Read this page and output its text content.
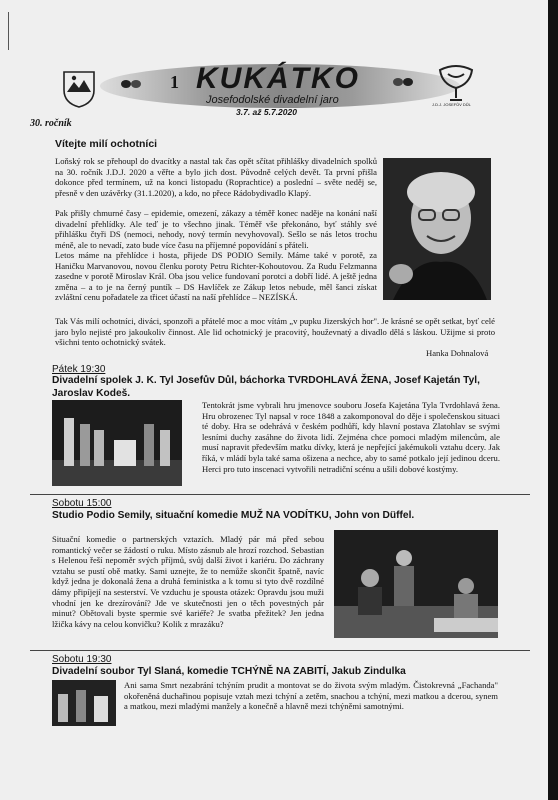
J.D.J. JOSEFŮV DŮL
1 KUKÁTKO
Josefodolské divadelní jaro
3.7. až 5.7.2020
30. ročník
Vítejte milí ochotníci
Loňský rok se přehoupl do dvacítky a nastal tak čas opět sčítat přihlášky divadelních spolků na 30. ročník J.D.J. 2020 a věřte a bylo jich dost. Původně celých devět. Ta první přišla dokonce před termínem, už na konci listopadu (Roprachtice) a poslední – světe neděj se, přesně v den uzávěrky (31.1.2020), a kdo, no přece Rádobydivadlo Klapý.
Pak přišly chmurné časy – epidemie, omezení, zákazy a téměř konec naděje na konání naší divadelní přehlídky. Ale teď je to všechno jinak. Téměř vše překonáno, byť stáhly své přihlášku čtyři DS (nemoci, nehody, nový termín nevyhovoval). Sešlo se nás letos trochu méně, ale to nevadí, zato bude více času na příjemné popovídání s přáteli.
Letos máme na přehlídce i hosta, přijede DS PODIO Semily. Máme také v porotě, za Haničku Marvanovou, novou členku poroty Petru Richter-Kohoutovou. Za Rudu Felzmanna zasedne v porotě Miroslav Král. Oba jsou velice fundovaní porotci a dobří lidé. A ještě jedna změna – a to je na černý puntík – DS Havlíček ze Zákup letos nebude, měl šanci získat zvláštní cenu pořadatele za třicet účastí na naší přehlídce – NEZÍSKÁ.
Tak Vás milí ochotníci, diváci, sponzoři a přátelé moc a moc vítám „v pupku Jizerských hor". Je krásné se opět setkat, byť celé jaro bylo nejisté pro jakoukoliv činnost. Ale lid ochotnický je pracovitý, houževnatý a divadlo dělá s láskou. Užijme si proto všichni tento ochotnický svátek.
Hanka Dohnalová
Pátek 19:30
Divadelní spolek J. K. Tyl Josefův Důl, báchorka TVRDOHLAVÁ ŽENA, Josef Kajetán Tyl, Jaroslav Kodeš.
Tentokrát jsme vybrali hru jmenovce souboru Josefa Kajetána Tyla Tvrdohlavá žena. Hru obrozenec Tyl napsal v roce 1848 a zakomponoval do děje i společenskou situaci té doby. Hra se odehrává v českém podhůří, kdy hlavní postava Zlatohlav se svými lesními duchy zasáhne do života lidí. Zejména chce pomoci mladým milencům, ale musí napravit především matku dívky, která je nepřející jakémukoli vztahu dcery. Jak říká, v mládí byla také sama ošizena a nechce, aby to samé potkalo její jedinou dceru. Herci pro tuto inscenaci vytvořili netradiční scénu a ušili dobové kostýmy.
Sobotu 15:00
Studio Podio Semily, situační komedie MUŽ NA VODÍTKU, John von Düffel.
Situační komedie o partnerských vztazích. Mladý pár má před sebou romantický večer se žádostí o ruku. Místo zásnub ale hrozí rozchod. Sebastian s Helenou řeší nepoměr svých příjmů, svůj další život i kariéru. Do záchrany vztahu se pustí obě matky. Sami uznejte, že to nemůže skončit špatně, navíc když jedna je dokonalá žena a druhá feministka a k tomu si tyto dvě rozdílné dámy připíjejí na sesterství. Ve vzduchu je spousta otázek: Opravdu jsou muži vhodní jen ke drezírování? Jde ve skutečnosti jen o těch povestných pár minut? Obětovali byste spermie své kariéře? Je svatba přežitek? Jen jedna lžička kávy na celou konvičku? Kolik z mrazáku?
Sobotu 19:30
Divadelní soubor Tyl Slaná, komedie TCHÝNĚ NA ZABITÍ, Jakub Zindulka
Ani sama Smrt nezabrání tchýním prudit a montovat se do života svým mladým. Čistokrevná „Fachanda" okořeněná duchařinou popisuje vztah mezi tchýní a zetěm, snachou a tchýní, mezi matkou a dcerou, synem a matkou, mezi mladými manžely a konečně a hlavně mezi tchýněmi samotnými.
